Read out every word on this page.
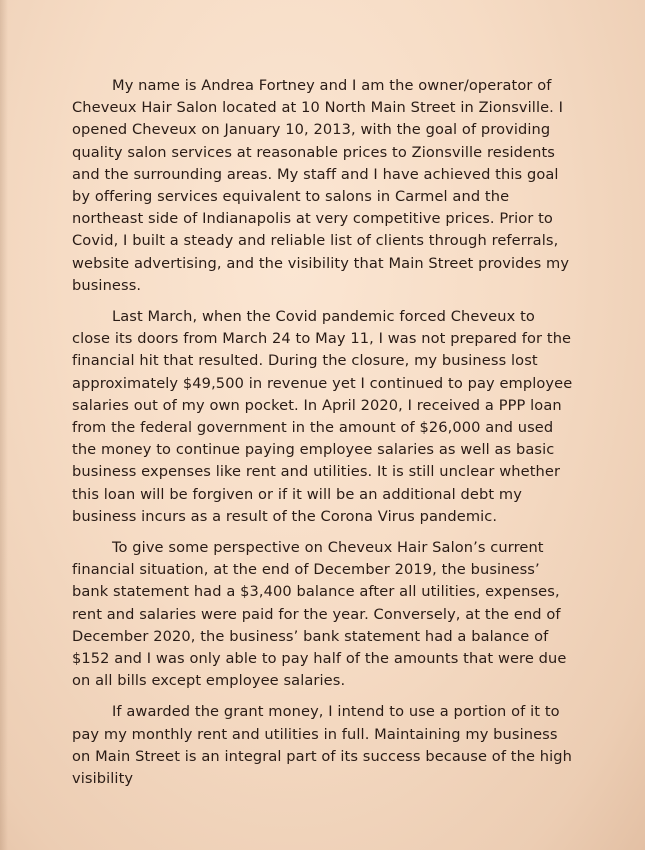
My name is Andrea Fortney and I am the owner/operator of Cheveux Hair Salon located at 10 North Main Street in Zionsville. I opened Cheveux on January 10, 2013, with the goal of providing quality salon services at reasonable prices to Zionsville residents and the surrounding areas. My staff and I have achieved this goal by offering services equivalent to salons in Carmel and the northeast side of Indianapolis at very competitive prices. Prior to Covid, I built a steady and reliable list of clients through referrals, website advertising, and the visibility that Main Street provides my business.

Last March, when the Covid pandemic forced Cheveux to close its doors from March 24 to May 11, I was not prepared for the financial hit that resulted. During the closure, my business lost approximately $49,500 in revenue yet I continued to pay employee salaries out of my own pocket. In April 2020, I received a PPP loan from the federal government in the amount of $26,000 and used the money to continue paying employee salaries as well as basic business expenses like rent and utilities. It is still unclear whether this loan will be forgiven or if it will be an additional debt my business incurs as a result of the Corona Virus pandemic.

To give some perspective on Cheveux Hair Salon’s current financial situation, at the end of December 2019, the business’ bank statement had a $3,400 balance after all utilities, expenses, rent and salaries were paid for the year. Conversely, at the end of December 2020, the business’ bank statement had a balance of $152 and I was only able to pay half of the amounts that were due on all bills except employee salaries.

If awarded the grant money, I intend to use a portion of it to pay my monthly rent and utilities in full. Maintaining my business on Main Street is an integral part of its success because of the high visibility
